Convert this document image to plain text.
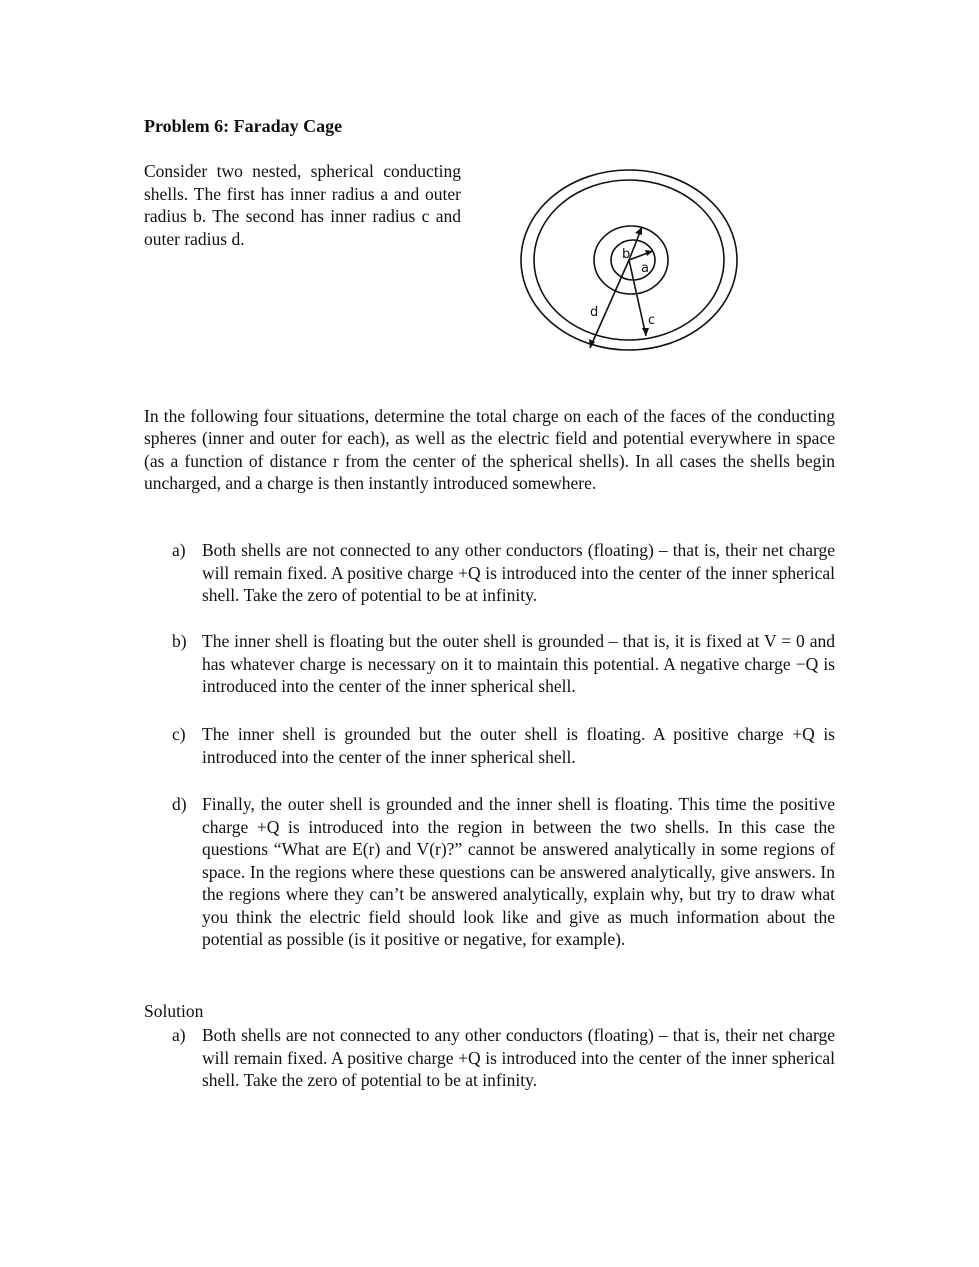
Problem 6: Faraday Cage
Consider two nested, spherical conducting shells. The first has inner radius a and outer radius b. The second has inner radius c and outer radius d.
b
a
d
c
In the following four situations, determine the total charge on each of the faces of the conducting spheres (inner and outer for each), as well as the electric field and potential everywhere in space (as a function of distance r from the center of the spherical shells). In all cases the shells begin uncharged, and a charge is then instantly introduced somewhere.
a) Both shells are not connected to any other conductors (floating) – that is, their net charge will remain fixed. A positive charge +Q is introduced into the center of the inner spherical shell. Take the zero of potential to be at infinity.
b) The inner shell is floating but the outer shell is grounded – that is, it is fixed at V = 0 and has whatever charge is necessary on it to maintain this potential. A negative charge −Q is introduced into the center of the inner spherical shell.
c) The inner shell is grounded but the outer shell is floating. A positive charge +Q is introduced into the center of the inner spherical shell.
d) Finally, the outer shell is grounded and the inner shell is floating. This time the positive charge +Q is introduced into the region in between the two shells. In this case the questions “What are E(r) and V(r)?” cannot be answered analytically in some regions of space. In the regions where these questions can be answered analytically, give answers. In the regions where they can’t be answered analytically, explain why, but try to draw what you think the electric field should look like and give as much information about the potential as possible (is it positive or negative, for example).
Solution
a) Both shells are not connected to any other conductors (floating) – that is, their net charge will remain fixed. A positive charge +Q is introduced into the center of the inner spherical shell. Take the zero of potential to be at infinity.
